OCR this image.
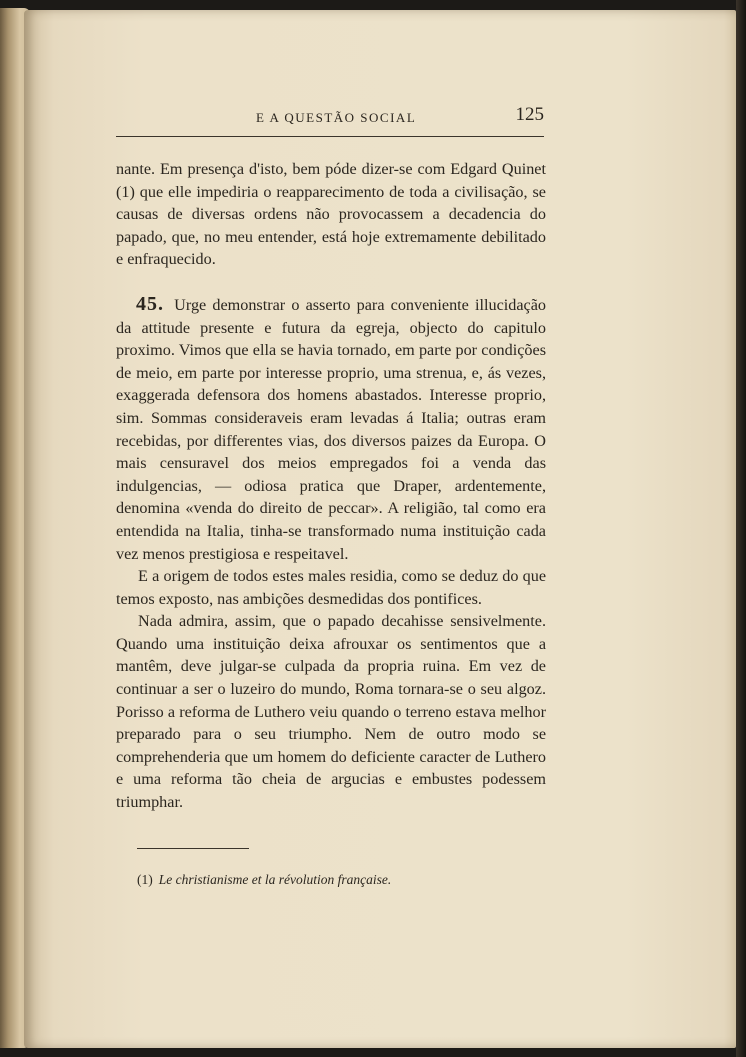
E A QUESTÃO SOCIAL	125

nante. Em presença d'isto, bem póde dizer-se com Edgard Quinet (1) que elle impediria o reapparecimento de toda a civilisação, se causas de diversas ordens não provocassem a decadencia do papado, que, no meu entender, está hoje extremamente debilitado e enfraquecido.

45. Urge demonstrar o asserto para conveniente illucidação da attitude presente e futura da egreja, objecto do capitulo proximo. Vimos que ella se havia tornado, em parte por condições de meio, em parte por interesse proprio, uma strenua, e, ás vezes, exaggerada defensora dos homens abastados. Interesse proprio, sim. Sommas consideraveis eram levadas á Italia; outras eram recebidas, por differentes vias, dos diversos paizes da Europa. O mais censuravel dos meios empregados foi a venda das indulgencias, — odiosa pratica que Draper, ardentemente, denomina «venda do direito de peccar». A religião, tal como era entendida na Italia, tinha-se transformado numa instituição cada vez menos prestigiosa e respeitavel.

E a origem de todos estes males residia, como se deduz do que temos exposto, nas ambições desmedidas dos pontifices.

Nada admira, assim, que o papado decahisse sensivelmente. Quando uma instituição deixa afrouxar os sentimentos que a mantêm, deve julgar-se culpada da propria ruina. Em vez de continuar a ser o luzeiro do mundo, Roma tornara-se o seu algoz. Porisso a reforma de Luthero veiu quando o terreno estava melhor preparado para o seu triumpho. Nem de outro modo se comprehenderia que um homem do deficiente caracter de Luthero e uma reforma tão cheia de argucias e embustes podessem triumphar.

(1) Le christianisme et la révolution française.
